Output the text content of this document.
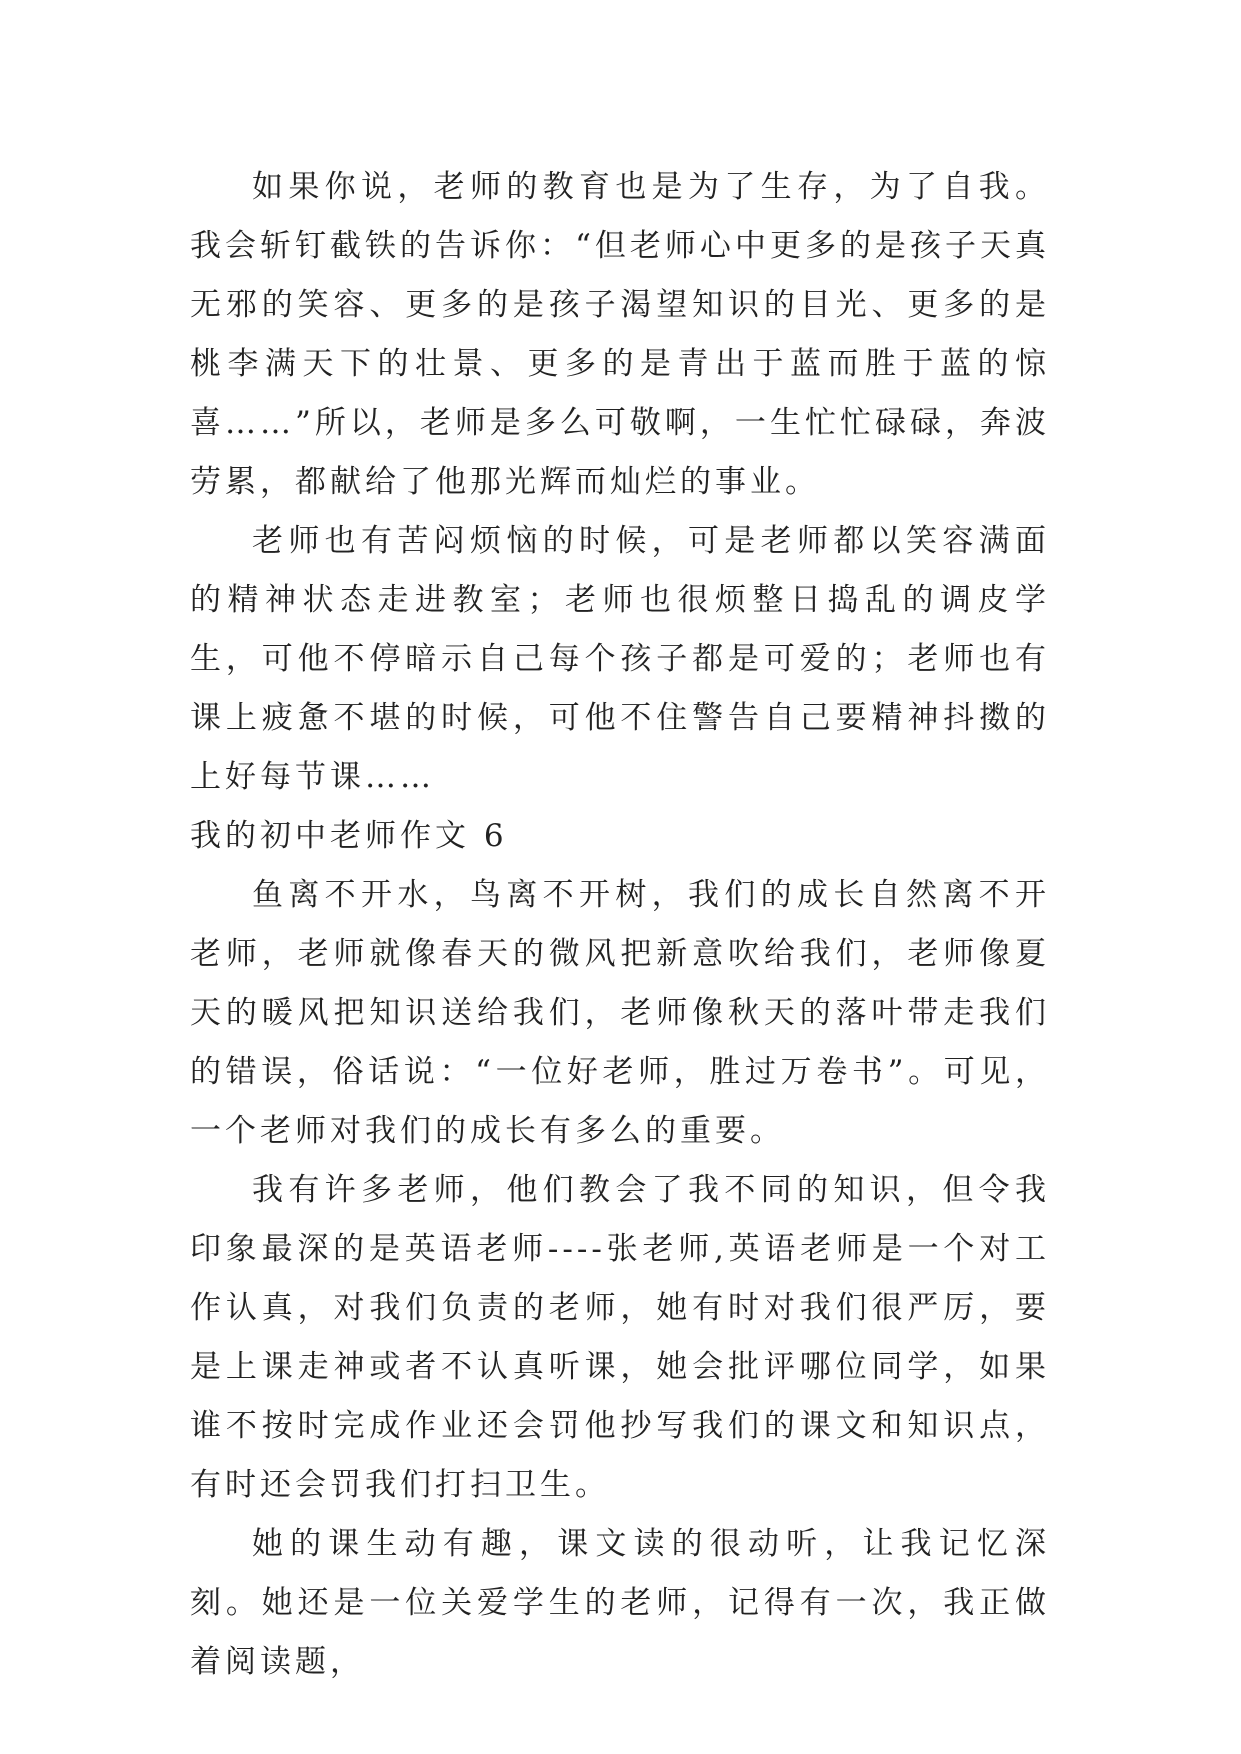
如果你说，老师的教育也是为了生存，为了自我。我会斩钉截铁的告诉你：“但老师心中更多的是孩子天真无邪的笑容、更多的是孩子渴望知识的目光、更多的是桃李满天下的壮景、更多的是青出于蓝而胜于蓝的惊喜……”所以，老师是多么可敬啊，一生忙忙碌碌，奔波劳累，都献给了他那光辉而灿烂的事业。

老师也有苦闷烦恼的时候，可是老师都以笑容满面的精神状态走进教室；老师也很烦整日捣乱的调皮学生，可他不停暗示自己每个孩子都是可爱的；老师也有课上疲惫不堪的时候，可他不住警告自己要精神抖擞的上好每节课……

我的初中老师作文 6

鱼离不开水，鸟离不开树，我们的成长自然离不开老师，老师就像春天的微风把新意吹给我们，老师像夏天的暖风把知识送给我们，老师像秋天的落叶带走我们的错误，俗话说：“一位好老师，胜过万卷书”。可见，一个老师对我们的成长有多么的重要。

我有许多老师，他们教会了我不同的知识，但令我印象最深的是英语老师----张老师,英语老师是一个对工作认真，对我们负责的老师，她有时对我们很严厉，要是上课走神或者不认真听课，她会批评哪位同学，如果谁不按时完成作业还会罚他抄写我们的课文和知识点，有时还会罚我们打扫卫生。

她的课生动有趣，课文读的很动听，让我记忆深刻。她还是一位关爱学生的老师，记得有一次，我正做着阅读题，
